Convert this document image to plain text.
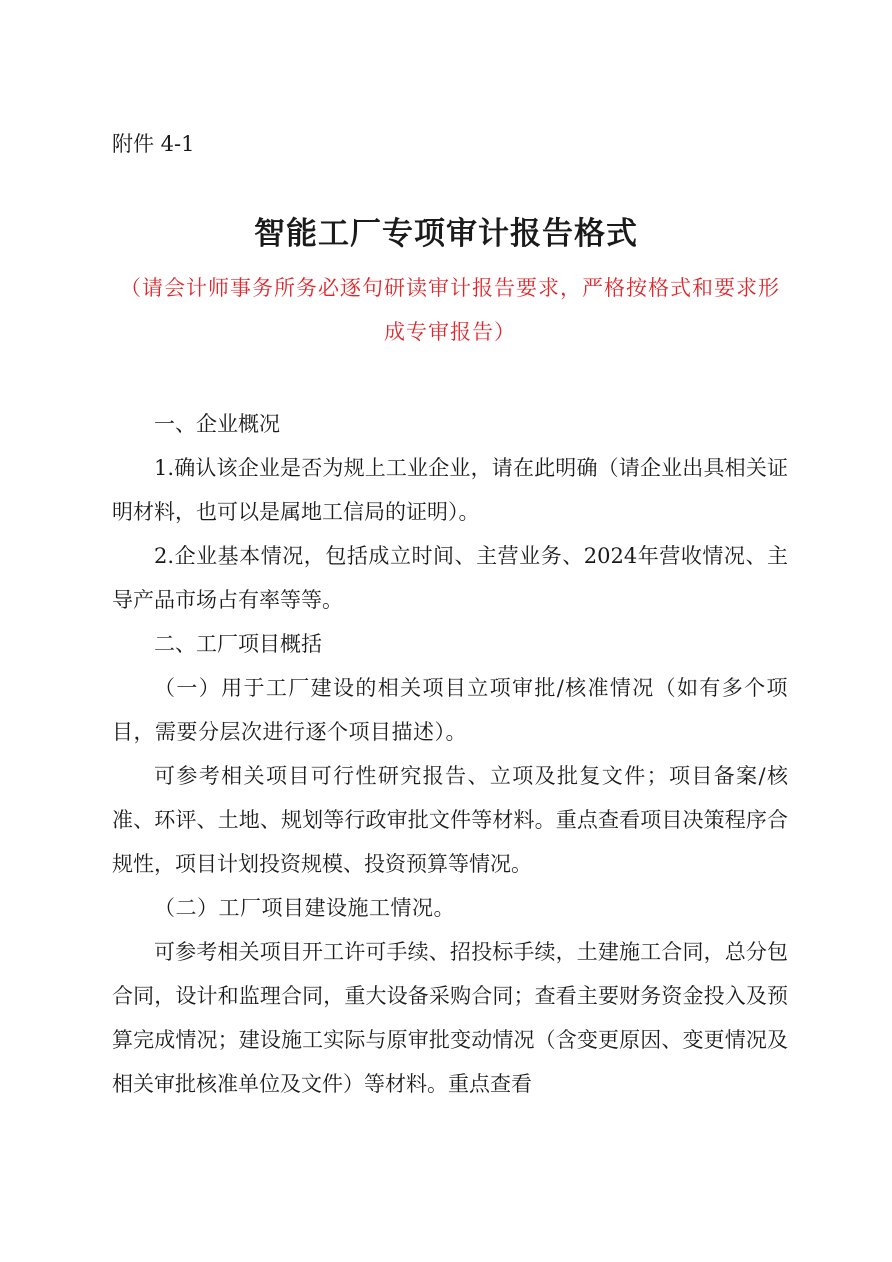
附件 4-1
智能工厂专项审计报告格式
（请会计师事务所务必逐句研读审计报告要求，严格按格式和要求形成专审报告）

一、企业概况

1.确认该企业是否为规上工业企业，请在此明确（请企业出具相关证明材料，也可以是属地工信局的证明）。

2.企业基本情况，包括成立时间、主营业务、2024年营收情况、主导产品市场占有率等等。

二、工厂项目概括

（一）用于工厂建设的相关项目立项审批/核准情况（如有多个项目，需要分层次进行逐个项目描述）。

可参考相关项目可行性研究报告、立项及批复文件；项目备案/核准、环评、土地、规划等行政审批文件等材料。重点查看项目决策程序合规性，项目计划投资规模、投资预算等情况。

（二）工厂项目建设施工情况。

可参考相关项目开工许可手续、招投标手续，土建施工合同，总分包合同，设计和监理合同，重大设备采购合同；查看主要财务资金投入及预算完成情况；建设施工实际与原审批变动情况（含变更原因、变更情况及相关审批核准单位及文件）等材料。重点查看
